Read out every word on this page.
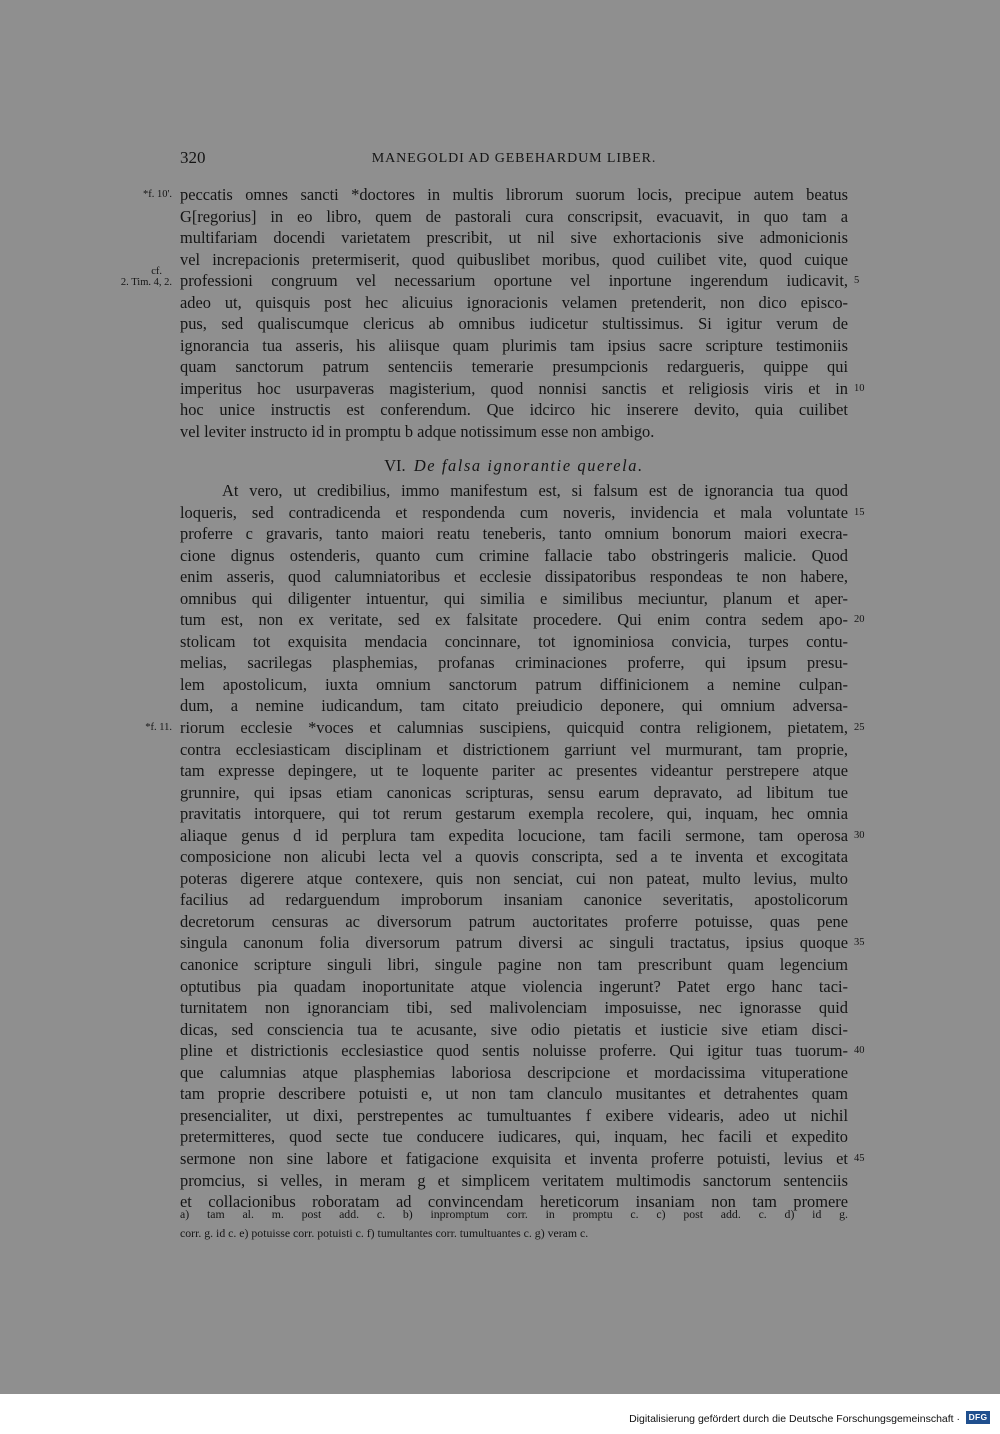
320	MANEGOLDI AD GEBEHARDUM LIBER.
peccatis omnes sancti *doctores in multis librorum suorum locis, precipue autem beatus
*f. 10'.
G[regorius] in eo libro, quem de pastorali cura conscripsit, evacuavit, in quo tam a
multifariam docendi varietatem prescribit, ut nil sive exhortacionis sive admonicionis
vel increpacionis pretermiserit, quod quibuslibet moribus, quod cuilibet vite, quod cuique
professioni congruum vel necessarium oportune vel inportune ingerendum iudicavit,
cf.
2. Tim. 4, 2.	5
adeo ut, quisquis post hec alicuius ignoracionis velamen pretenderit, non dico episco-
pus, sed qualiscumque clericus ab omnibus iudicetur stultissimus. Si igitur verum de
ignorancia tua asseris, his aliisque quam plurimis tam ipsius sacre scripture testimoniis
quam sanctorum patrum sentenciis temerarie presumpcionis redargueris, quippe qui
imperitus hoc usurpaveras magisterium, quod nonnisi sanctis et religiosis viris et in 10
hoc unice instructis est conferendum. Que idcirco hic inserere devito, quia cuilibet
vel leviter instructo id in promptu b adque notissimum esse non ambigo.
VI. De falsa ignorantie querela.
At vero, ut credibilius, immo manifestum est, si falsum est de ignorancia tua quod
loqueris, sed contradicenda et respondenda cum noveris, invidencia et mala voluntate 15
proferre c gravaris, tanto maiori reatu teneberis, tanto omnium bonorum maiori execra-
cione dignus ostenderis, quanto cum crimine fallacie tabo obstringeris malicie. Quod
enim asseris, quod calumniatoribus et ecclesie dissipatoribus respondeas te non habere,
omnibus qui diligenter intuentur, qui similia e similibus meciuntur, planum et aper-
tum est, non ex veritate, sed ex falsitate procedere. Qui enim contra sedem apo- 20
stolicam tot exquisita mendacia concinnare, tot ignominiosa convicia, turpes contu-
melias, sacrilegas plasphemias, profanas criminaciones proferre, qui ipsum presu-
lem apostolicum, iuxta omnium sanctorum patrum diffinicionem a nemine culpan-
dum, a nemine iudicandum, tam citato preiudicio deponere, qui omnium adversa-
riorum ecclesie *voces et calumnias suscipiens, quicquid contra religionem, pietatem,
*f. 11.	25
contra ecclesiasticam disciplinam et districtionem garriunt vel murmurant, tam proprie,
tam expresse depingere, ut te loquente pariter ac presentes videantur perstrepere atque
grunnire, qui ipsas etiam canonicas scripturas, sensu earum depravato, ad libitum tue
pravitatis intorquere, qui tot rerum gestarum exempla recolere, qui, inquam, hec omnia
aliaque genus d id perplura tam expedita locucione, tam facili sermone, tam operosa 30
composicione non alicubi lecta vel a quovis conscripta, sed a te inventa et excogitata
poteras digerere atque contexere, quis non senciat, cui non pateat, multo levius, multo
facilius ad redarguendum improborum insaniam canonice severitatis, apostolicorum
decretorum censuras ac diversorum patrum auctoritates proferre potuisse, quas pene
singula canonum folia diversorum patrum diversi ac singuli tractatus, ipsius quoque 35
canonice scripture singuli libri, singule pagine non tam prescribunt quam legencium
optutibus pia quadam inoportunitate atque violencia ingerunt? Patet ergo hanc taci-
turnitatem non ignoranciam tibi, sed malivolenciam imposuisse, nec ignorasse quid
dicas, sed consciencia tua te acusante, sive odio pietatis et iusticie sive etiam disci-
pline et districtionis ecclesiastice quod sentis noluisse proferre. Qui igitur tuas tuorum- 40
que calumnias atque plasphemias laboriosa descripcione et mordacissima vituperatione
tam proprie describere potuisti e, ut non tam clanculo musitantes et detrahentes quam
presencialiter, ut dixi, perstrepentes ac tumultuantes f exibere videaris, adeo ut nichil
pretermitteres, quod secte tue conducere iudicares, qui, inquam, hec facili et expedito
sermone non sine labore et fatigacione exquisita et inventa proferre potuisti, levius et 45
promcius, si velles, in meram g et simplicem veritatem multimodis sanctorum sentenciis
et collacionibus roboratam ad convincendam hereticorum insaniam non tam promere
a) tam al. m. post add. c. b) inpromptum corr. in promptu c. c) post add. c. d) id g.
corr. g. id c. e) potuisse corr. potuisti c. f) tumultantes corr. tumultuantes c. g) veram c.
Digitalisierung gefördert durch die Deutsche Forschungsgemeinschaft ·	DFG
